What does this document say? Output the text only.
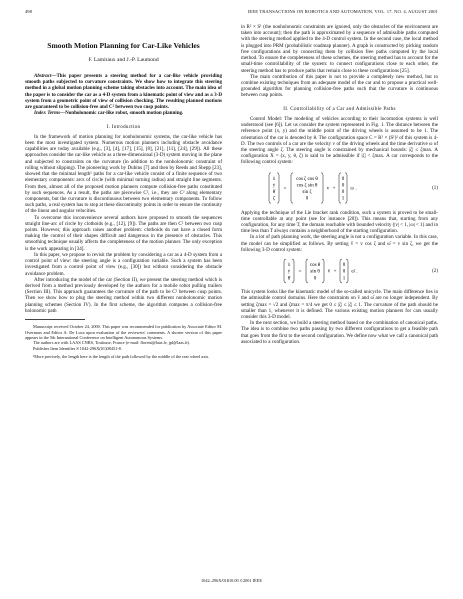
498	IEEE TRANSACTIONS ON ROBOTICS AND AUTOMATION, VOL. 17, NO. 4, AUGUST 2001
Smooth Motion Planning for Car-Like Vehicles
F. Lamiraux and J.-P. Laumond

Abstract—This paper presents a steering method for a car-like vehicle providing smooth paths subjected to curvature constraints. We show how to integrate this steering method in a global motion planning scheme taking obstacles into account. The main idea of the paper is to consider the car as a 4-D system from a kinematic point of view and as a 3-D system from a geometric point of view of collision checking. The resulting planned motions are guaranteed to be collision-free and C² between two cusp points.

Index Terms—Nonholonomic car-like robot, smooth motion planning.

I. Introduction

In the framework of motion planning for nonholonomic systems, the car-like vehicle has been the most investigated system. Numerous motion planners including obstacle avoidance capabilities are today available (e.g., [3], [4], [17], [15], [8], [21], [11], [24], [29]). All these approaches consider the car-like vehicle as a three-dimensional (3-D) system moving in the plane and subjected to constraints on the curvature (in addition to the nonholonomic constraint of rolling without slipping). The pioneering work by Dubins [7] and then by Reeds and Shepp [23], showed that the minimal length¹ paths for a car-like vehicle consist of a finite sequence of two elementary components: arcs of circle (with minimal turning radius) and straight line segments. From then, almost all of the proposed motion planners compute collision-free paths constituted by such sequences. As a result, the paths are piecewise C², i.e., they are C² along elementary components, but the curvature is discontinuous between two elementary components. To follow such paths, a real system has to stop at these discontinuity points in order to ensure the continuity of the linear and angular velocities.

To overcome this inconvenience several authors have proposed to smooth the sequences straight line-arc of circle by clothoids (e.g., [12], [9]). The paths are then C² between two cusp points. However, this approach raises another problem: clothoids do not have a closed form making the control of their shapes difficult and dangerous in the presence of obstacles. This smoothing technique usually affects the completeness of the motion planner. The only exception is the work appearing in [34].

In this paper, we propose to revisit the problem by considering a car as a 4-D system from a control point of view: the steering angle is a configuration variable. Such a system has been investigated from a control point of view (e.g., [30]) but without considering the obstacle avoidance problem.

After introducing the model of the car (Section II), we present the steering method which is derived from a method previously developed by the authors for a mobile robot pulling trailers (Section III). This approach guarantees the curvature of the path to be C² between cusp points. Then we show how to plug the steering method within two different nonholonomic motion planning schemes (Section IV). In the first scheme, the algorithm computes a collision-free holonomic path

Manuscript received October 24, 2000. This paper was recommended for publication by Associate Editor M. Overmars and Editor A. De Luca upon evaluation of the reviewers' comments. A shorter version of this paper appears in the 5th International Conference on Intelligent Autonomous Systems.

The authors are with LAAS CNRS, Toulouse, France (e-mail: florent@laas.fr; jpl@laas.fr).

Publisher Item Identifier S 1042-296X(01)08451-8.

¹More precisely, the length here is the length of the path followed by the middle of the rear wheel axis.

in R² × S¹ (the nonholonomic constraints are ignored, only the obstacles of the environment are taken into account); then the path is approximated by a sequence of admissible paths computed with the steering method applied to the 4-D control system. In the second case, the local method is plugged into PRM (probabilistic roadmap planner). A graph is constructed by picking random free configurations and by connecting them by collision free paths computed by the local method. To ensure the completeness of these schemes, the steering method has to account for the small-time controllability of the system: to connect configurations close to each other, the steering method has to produce paths that remain close to these configurations [25].

The main contribution of this paper is not to provide a completely new method, but to combine existing techniques from an adequate model of the car and to propose a practical well-grounded algorithm for planning collision-free paths such that the curvature is continuous between cusp points.

II. Controllability of a Car and Admissible Paths

Control Model: The modeling of vehicles according to their locomotion systems is well understood (see [6]). Let us consider the system represented in Fig. 1. The distance between the reference point (x, y) and the middle point of the driving wheels is assumed to be 1. The orientation of the car is denoted by θ. The configuration space C = R² × (S¹)² of this system is 4-D. The two controls of a car are the velocity v of the driving wheels and the time derivative ω of the steering angle ζ. The steering angle is constrained by mechanical bounds: |ζ| ≤ ζmax. A configuration X = (x, y, θ, ζ) is said to be admissible if |ζ| < ζmax. A car corresponds to the following control system:

ẋ
ẏ
θ̇
ζ̇
=
cos ζ cos θ
cos ζ sin θ
sin ζ
0
v +
0
0
0
1
ω .	(1)

Applying the technique of the Lie bracket rank condition, such a system is proved to be small-time controllable at any point (see for instance [20]). This means that, starting from any configuration, for any time T, the domain reachable with bounded velocity (|v| < 1, |ω| < 1) and in time less than T always contains a neighborhood of the starting configuration.

In a lot of path planning work, the steering angle is not a configuration variable. In this case, the model can be simplified as follows. By setting v̄ = v cos ζ and ω̄ = v sin ζ, we get the following 3-D control system:

ẋ
ẏ
θ̇
=
cos θ
sin θ
0
v̄ +
0
0
1
ω̄ .	(2)

This system looks like the kinematic model of the so-called unicycle. The main difference lies in the admissible control domains. Here the constraints on v̄ and ω̄ are no longer independent. By setting ζmax = √2 and ζmax = π/4 we get 0 ≤ |ζ| ≤ |ζ| ≤ 1. The curvature of the path should be smaller than 1, whenever it is defined. The various existing motion planners for cars usually consider this 3-D model.

In the next section, we build a steering method based on the combination of canonical paths. The idea is to combine two paths passing by two different configurations to get a feasible path that goes from the first to the second configuration. We define now what we call a canonical path associated to a configuration.

1042–296X/01$10.00 ©2001 IEEE
